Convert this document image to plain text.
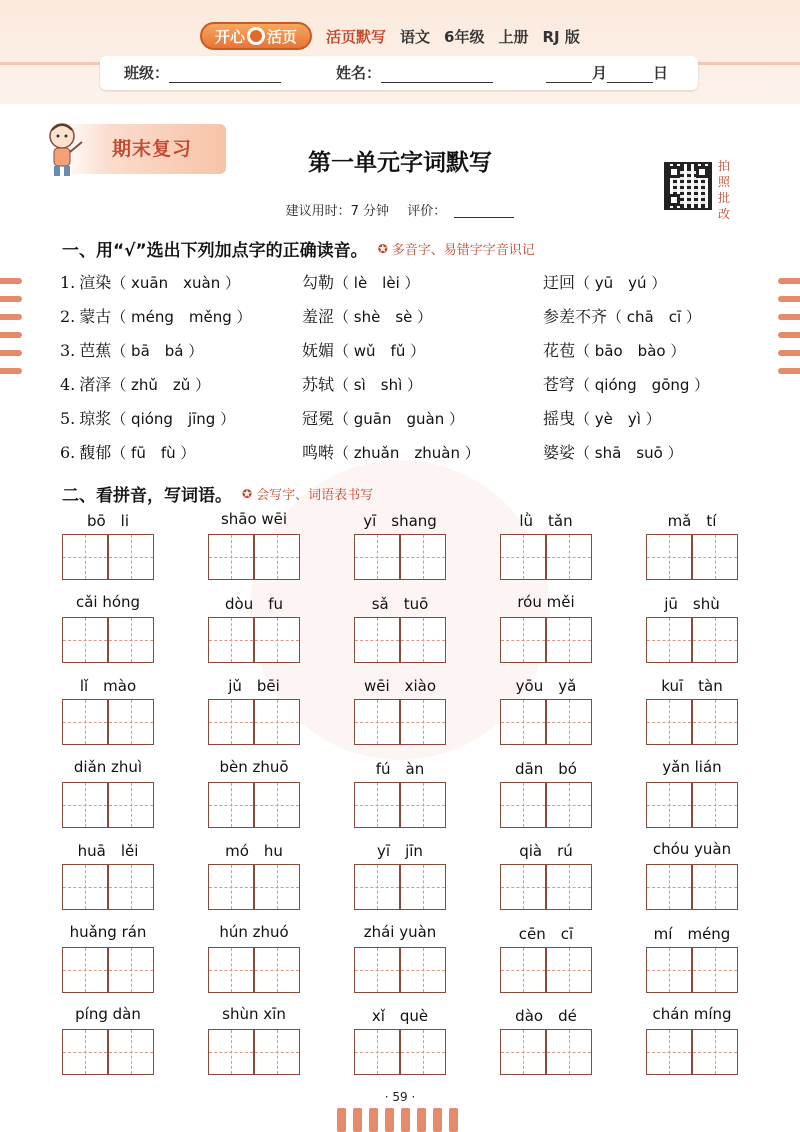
开心 活页 活页默写 语文 6年级 上册 RJ 版
班级：	姓名：	月	日
期末复习	第一单元字词默写
建议用时：7 分钟 评价：
拍照批改
一、用“√”选出下列加点字的正确读音。 ✪ 多音字、易错字字音识记
1. 渲染（ xuān　xuàn ）	勾勒（ lè　lèi ）	迂回（ yū　yú ）
2. 蒙古（ méng　měng ）	羞涩（ shè　sè ）	参差不齐（ chā　cī ）
3. 芭蕉（ bā　bá ）	妩媚（ wǔ　fǔ ）	花苞（ bāo　bào ）
4. 渚泽（ zhǔ　zǔ ）	苏轼（ sì　shì ）	苍穹（ qióng　gōng ）
5. 琼浆（ qióng　jīng ）	冠冕（ guān　guàn ）	摇曳（ yè　yì ）
6. 馥郁（ fū　fù ）	鸣啭（ zhuǎn　zhuàn ）	婆娑（ shā　suō ）
二、看拼音，写词语。 ✪ 会写字、词语表书写
bō　li	shāo wēi	yī　shang	lǜ　tǎn	mǎ　tí
cǎi hóng	dòu　fu	sǎ　tuō	róu měi	jū　shù
lǐ　mào	jǔ　bēi	wēi　xiào	yōu　yǎ	kuī　tàn
diǎn zhuì	bèn zhuō	fú　àn	dān　bó	yǎn lián
huā　lěi	mó　hu	yī　jīn	qià　rú	chóu yuàn
huǎng rán	hún zhuó	zhái yuàn	cēn　cī	mí　méng
píng dàn	shùn xīn	xǐ　què	dào　dé	chán míng
· 59 ·
